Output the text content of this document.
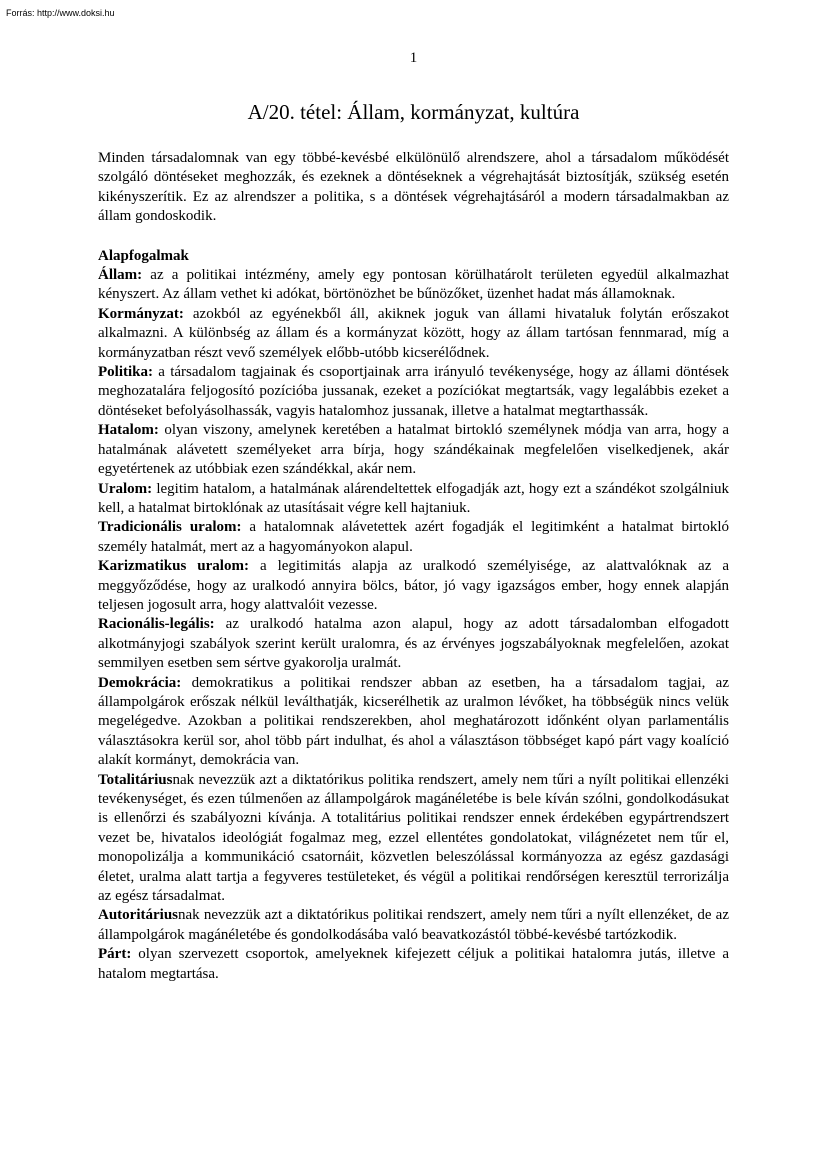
Forrás: http://www.doksi.hu
1
A/20. tétel: Állam, kormányzat, kultúra

Minden társadalomnak van egy többé-kevésbé elkülönülő alrendszere, ahol a társadalom működését szolgáló döntéseket meghozzák, és ezeknek a döntéseknek a végrehajtását biztosítják, szükség esetén kikényszerítik. Ez az alrendszer a politika, s a döntések végrehajtásáról a modern társadalmakban az állam gondoskodik.

Alapfogalmak

Állam: az a politikai intézmény, amely egy pontosan körülhatárolt területen egyedül alkalmazhat kényszert. Az állam vethet ki adókat, börtönözhet be bűnözőket, üzenhet hadat más államoknak.

Kormányzat: azokból az egyénekből áll, akiknek joguk van állami hivataluk folytán erőszakot alkalmazni. A különbség az állam és a kormányzat között, hogy az állam tartósan fennmarad, míg a kormányzatban részt vevő személyek előbb-utóbb kicserélődnek.

Politika: a társadalom tagjainak és csoportjainak arra irányuló tevékenysége, hogy az állami döntések meghozatalára feljogosító pozícióba jussanak, ezeket a pozíciókat megtartsák, vagy legalábbis ezeket a döntéseket befolyásolhassák, vagyis hatalomhoz jussanak, illetve a hatalmat megtarthassák.

Hatalom: olyan viszony, amelynek keretében a hatalmat birtokló személynek módja van arra, hogy a hatalmának alávetett személyeket arra bírja, hogy szándékainak megfelelően viselkedjenek, akár egyetértenek az utóbbiak ezen szándékkal, akár nem.

Uralom: legitim hatalom, a hatalmának alárendeltettek elfogadják azt, hogy ezt a szándékot szolgálniuk kell, a hatalmat birtoklónak az utasításait végre kell hajtaniuk.

Tradicionális uralom: a hatalomnak alávetettek azért fogadják el legitimként a hatalmat birtokló személy hatalmát, mert az a hagyományokon alapul.

Karizmatikus uralom: a legitimitás alapja az uralkodó személyisége, az alattvalóknak az a meggyőződése, hogy az uralkodó annyira bölcs, bátor, jó vagy igazságos ember, hogy ennek alapján teljesen jogosult arra, hogy alattvalóit vezesse.

Racionális-legális: az uralkodó hatalma azon alapul, hogy az adott társadalomban elfogadott alkotmányjogi szabályok szerint került uralomra, és az érvényes jogszabályoknak megfelelően, azokat semmilyen esetben sem sértve gyakorolja uralmát.

Demokrácia: demokratikus a politikai rendszer abban az esetben, ha a társadalom tagjai, az állampolgárok erőszak nélkül leválthatják, kicserélhetik az uralmon lévőket, ha többségük nincs velük megelégedve. Azokban a politikai rendszerekben, ahol meghatározott időnként olyan parlamentális választásokra kerül sor, ahol több párt indulhat, és ahol a választáson többséget kapó párt vagy koalíció alakít kormányt, demokrácia van.

Totalitáriusnak nevezzük azt a diktatórikus politika rendszert, amely nem tűri a nyílt politikai ellenzéki tevékenységet, és ezen túlmenően az állampolgárok magánéletébe is bele kíván szólni, gondolkodásukat is ellenőrzi és szabályozni kívánja. A totalitárius politikai rendszer ennek érdekében egypártrendszert vezet be, hivatalos ideológiát fogalmaz meg, ezzel ellentétes gondolatokat, világnézetet nem tűr el, monopolizálja a kommunikáció csatornáit, közvetlen beleszólással kormányozza az egész gazdasági életet, uralma alatt tartja a fegyveres testületeket, és végül a politikai rendőrségen keresztül terrorizálja az egész társadalmat.

Autoritáriusnak nevezzük azt a diktatórikus politikai rendszert, amely nem tűri a nyílt ellenzéket, de az állampolgárok magánéletébe és gondolkodásába való beavatkozástól többé-kevésbé tartózkodik.

Párt: olyan szervezett csoportok, amelyeknek kifejezett céljuk a politikai hatalomra jutás, illetve a hatalom megtartása.
